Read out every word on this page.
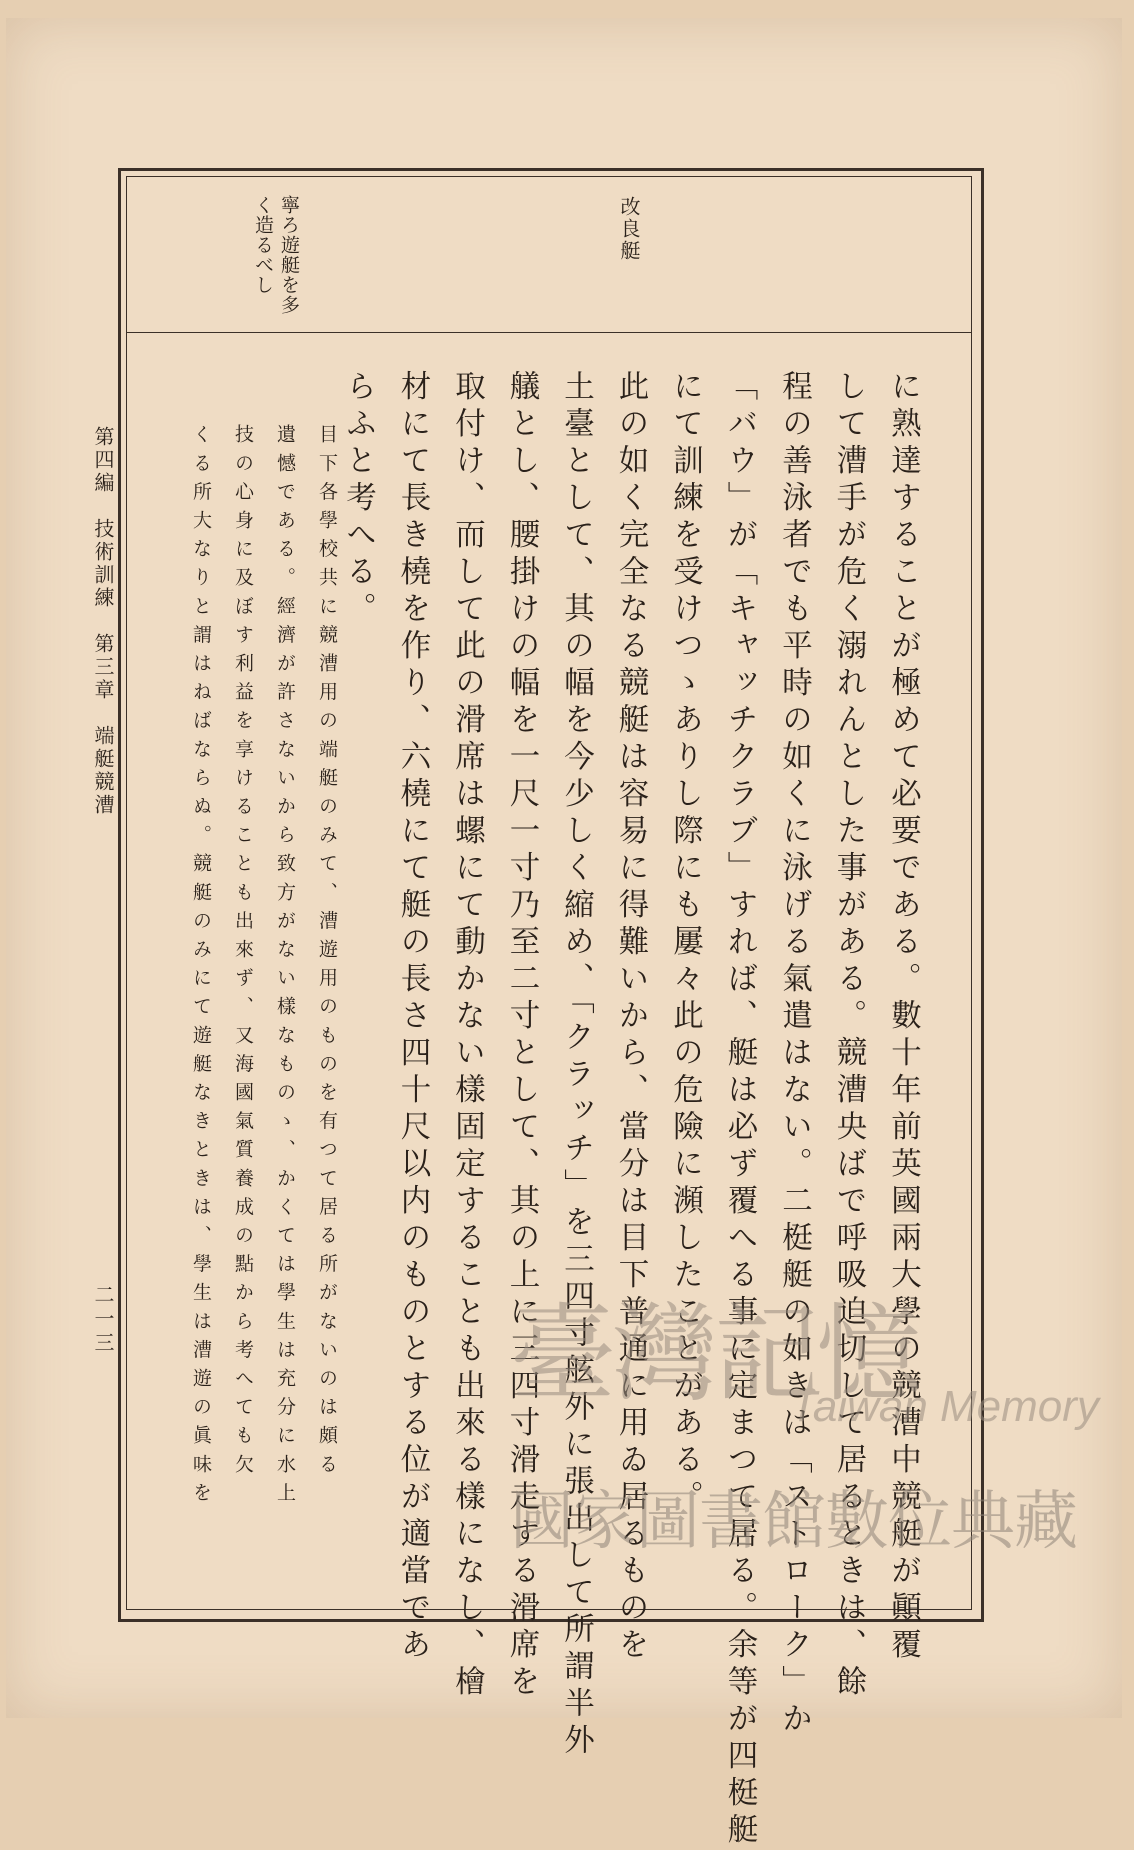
寧ろ遊艇を多

く造るべし	改良艇

に熟達することが極めて必要である。數十年前英國兩大學の競漕中競艇が顚覆

して漕手が危く溺れんとした事がある。競漕央ばで呼吸迫切して居るときは、餘

程の善泳者でも平時の如くに泳げる氣遣はない。二梃艇の如きは「ストローク」か

「バウ」が「キャッチクラブ」すれば、艇は必ず覆へる事に定まつて居る。余等が四梃艇

にて訓練を受けつゝありし際にも屢々此の危險に瀕したことがある。

此の如く完全なる競艇は容易に得難いから、當分は目下普通に用ゐ居るものを

土臺として、其の幅を今少しく縮め、「クラッチ」を三四寸舷外に張出して所謂半外

艤とし、腰掛けの幅を一尺一寸乃至二寸として、其の上に三四寸滑走する滑席を

取付け、而して此の滑席は螺にて動かない樣固定することも出來る樣になし、檜

材にて長き橈を作り、六橈にて艇の長さ四十尺以内のものとする位が適當であ

らふと考へる。

目下各學校共に競漕用の端艇のみて、漕遊用のものを有つて居る所がないのは頗る

遺憾である。經濟が許さないから致方がない樣なものゝ、かくては學生は充分に水上

技の心身に及ぼす利益を享けることも出來ず、又海國氣質養成の點から考へても欠

くる所大なりと謂はねばならぬ。競艇のみにて遊艇なきときは、學生は漕遊の眞味を

第四編　技術訓練　第三章　端艇競漕

二一三	臺灣記憶
Taiwan Memory
國家圖書館數位典藏
